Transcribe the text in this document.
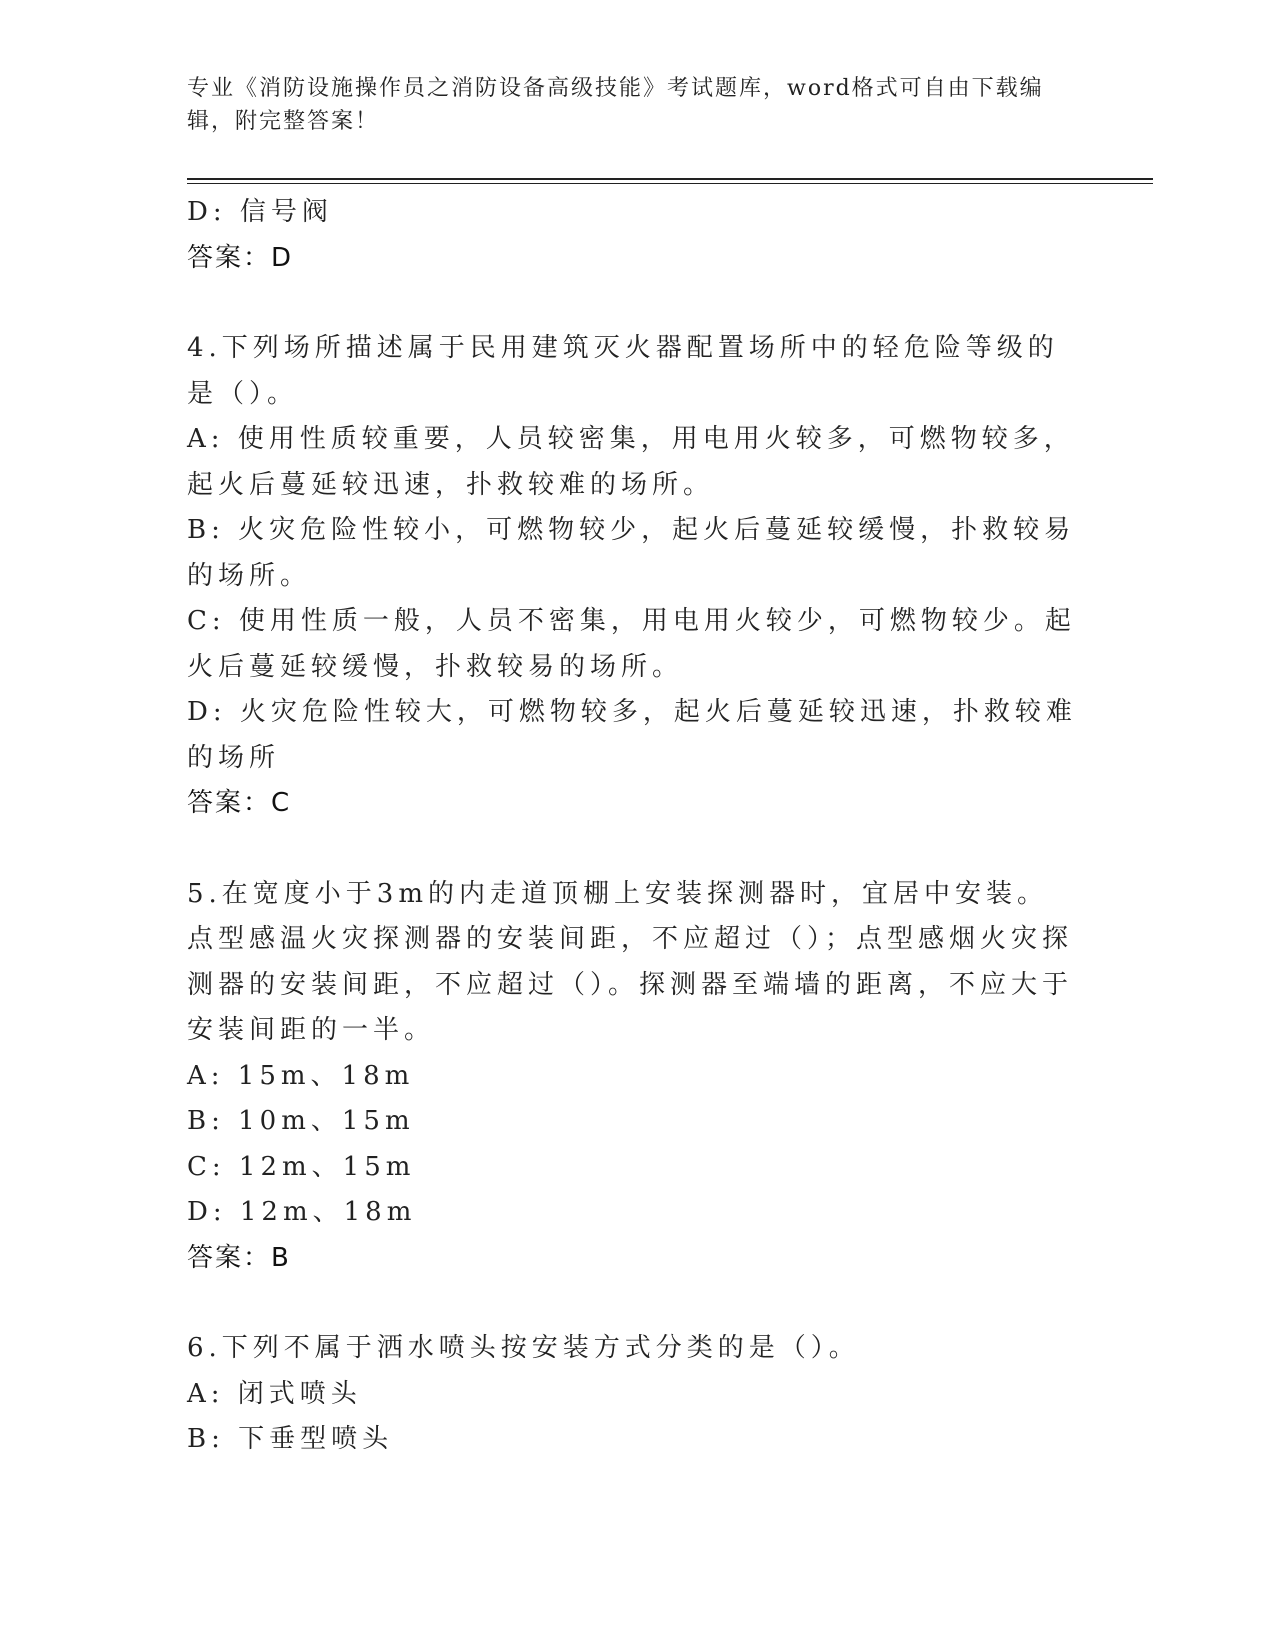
专业《消防设施操作员之消防设备高级技能》考试题库，word格式可自由下载编辑，附完整答案！
D: 信号阀
答案：D
4.下列场所描述属于民用建筑灭火器配置场所中的轻危险等级的是（）。
A: 使用性质较重要，人员较密集，用电用火较多，可燃物较多，起火后蔓延较迅速，扑救较难的场所。
B: 火灾危险性较小，可燃物较少，起火后蔓延较缓慢，扑救较易的场所。
C: 使用性质一般，人员不密集，用电用火较少，可燃物较少。起火后蔓延较缓慢，扑救较易的场所。
D: 火灾危险性较大，可燃物较多，起火后蔓延较迅速，扑救较难的场所
答案：C
5.在宽度小于3m的内走道顶棚上安装探测器时，宜居中安装。点型感温火灾探测器的安装间距，不应超过（）；点型感烟火灾探测器的安装间距，不应超过（）。探测器至端墙的距离，不应大于安装间距的一半。
A: 15m、18m
B: 10m、15m
C: 12m、15m
D: 12m、18m
答案：B
6.下列不属于洒水喷头按安装方式分类的是（）。
A: 闭式喷头
B: 下垂型喷头
